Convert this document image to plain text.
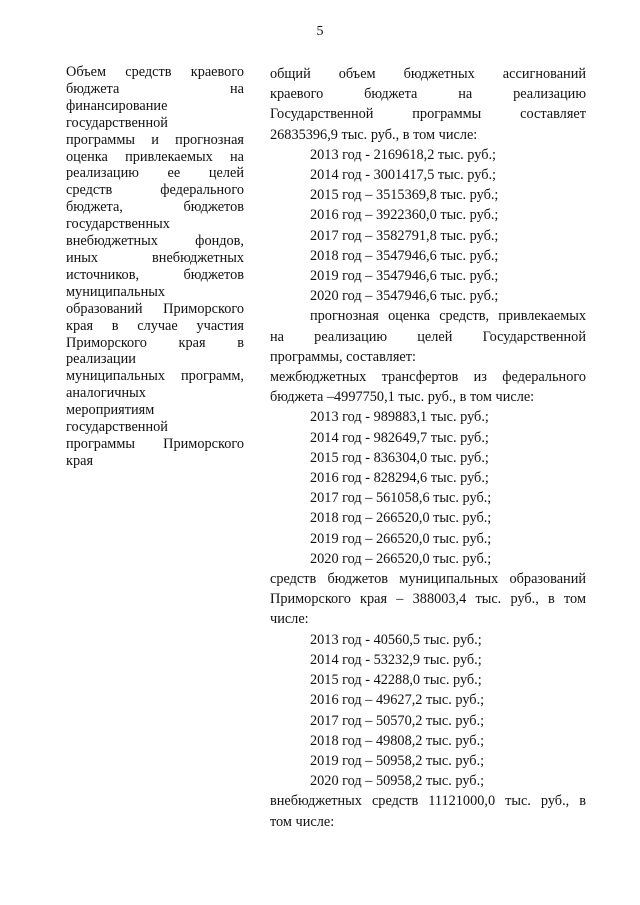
5
Объем средств краевого
бюджета на
финансирование
государственной
программы и прогнозная
оценка привлекаемых на
реализацию ее целей
средств федерального
бюджета, бюджетов
государственных
внебюджетных фондов,
иных внебюджетных
источников, бюджетов
муниципальных
образований Приморского
края в случае участия
Приморского края в
реализации
муниципальных программ,
аналогичных
мероприятиям
государственной
программы Приморского
края
общий объем бюджетных ассигнований
краевого бюджета на реализацию
Государственной программы составляет
26835396,9 тыс. руб., в том числе:
2013 год - 2169618,2 тыс. руб.;
2014 год - 3001417,5 тыс. руб.;
2015 год – 3515369,8 тыс. руб.;
2016 год – 3922360,0 тыс. руб.;
2017 год – 3582791,8 тыс. руб.;
2018 год – 3547946,6 тыс. руб.;
2019 год – 3547946,6 тыс. руб.;
2020 год – 3547946,6 тыс. руб.;
прогнозная оценка средств, привлекаемых
на реализацию целей Государственной
программы, составляет:
межбюджетных трансфертов из федерального
бюджета –4997750,1 тыс. руб., в том числе:
2013 год - 989883,1 тыс. руб.;
2014 год - 982649,7 тыс. руб.;
2015 год - 836304,0 тыс. руб.;
2016 год - 828294,6 тыс. руб.;
2017 год – 561058,6 тыс. руб.;
2018 год – 266520,0 тыс. руб.;
2019 год – 266520,0 тыс. руб.;
2020 год – 266520,0 тыс. руб.;
средств бюджетов муниципальных образований
Приморского края – 388003,4 тыс. руб., в том
числе:
2013 год - 40560,5 тыс. руб.;
2014 год - 53232,9 тыс. руб.;
2015 год - 42288,0 тыс. руб.;
2016 год – 49627,2 тыс. руб.;
2017 год – 50570,2 тыс. руб.;
2018 год – 49808,2 тыс. руб.;
2019 год – 50958,2 тыс. руб.;
2020 год – 50958,2 тыс. руб.;
внебюджетных средств 11121000,0 тыс. руб., в
том числе:
